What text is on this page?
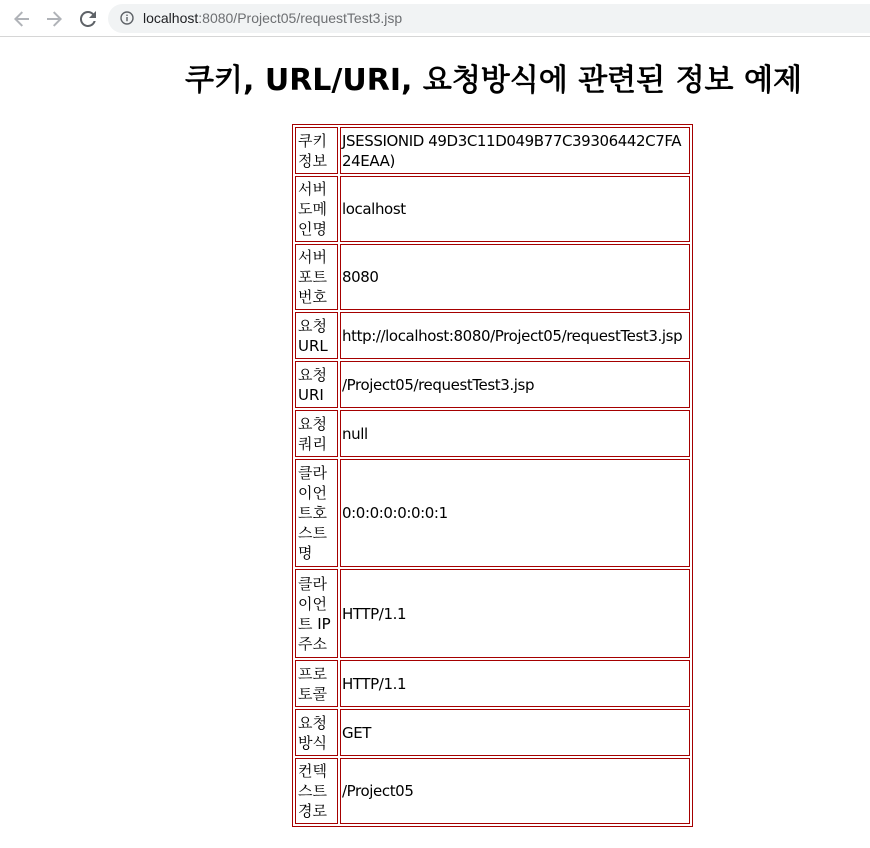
localhost:8080/Project05/requestTest3.jsp
쿠키, URL/URI, 요청방식에 관련된 정보 예제
쿠키정보	JSESSIONID 49D3C11D049B77C39306442C7FA24EAA)

서버도메인명	localhost

서버포트번호	8080

요청URL	http://localhost:8080/Project05/requestTest3.jsp

요청URI	/Project05/requestTest3.jsp

요청쿼리	null

클라이언트호스트명	0:0:0:0:0:0:0:1

클라이언트 IP주소	HTTP/1.1

프로토콜	HTTP/1.1

요청방식	GET

컨텍스트경로	/Project05
